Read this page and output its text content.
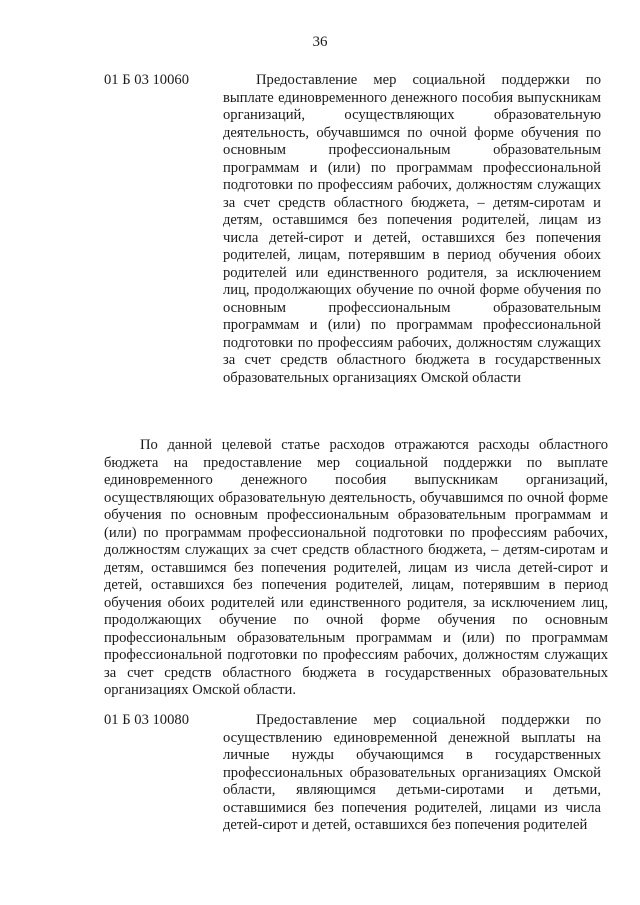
36
01 Б 03 10060	Предоставление мер социальной поддержки по выплате единовременного денежного пособия выпускникам организаций, осуществляющих образовательную деятельность, обучавшимся по очной форме обучения по основным профессиональным образовательным программам и (или) по программам профессиональной подготовки по профессиям рабочих, должностям служащих за счет средств областного бюджета, – детям-сиротам и детям, оставшимся без попечения родителей, лицам из числа детей-сирот и детей, оставшихся без попечения родителей, лицам, потерявшим в период обучения обоих родителей или единственного родителя, за исключением лиц, продолжающих обучение по очной форме обучения по основным профессиональным образовательным программам и (или) по программам профессиональной подготовки по профессиям рабочих, должностям служащих за счет средств областного бюджета в государственных образовательных организациях Омской области
По данной целевой статье расходов отражаются расходы областного бюджета на предоставление мер социальной поддержки по выплате единовременного денежного пособия выпускникам организаций, осуществляющих образовательную деятельность, обучавшимся по очной форме обучения по основным профессиональным образовательным программам и (или) по программам профессиональной подготовки по профессиям рабочих, должностям служащих за счет средств областного бюджета, – детям-сиротам и детям, оставшимся без попечения родителей, лицам из числа детей-сирот и детей, оставшихся без попечения родителей, лицам, потерявшим в период обучения обоих родителей или единственного родителя, за исключением лиц, продолжающих обучение по очной форме обучения по основным профессиональным образовательным программам и (или) по программам профессиональной подготовки по профессиям рабочих, должностям служащих за счет средств областного бюджета в государственных образовательных организациях Омской области.
01 Б 03 10080	Предоставление мер социальной поддержки по осуществлению единовременной денежной выплаты на личные нужды обучающимся в государственных профессиональных образовательных организациях Омской области, являющимся детьми-сиротами и детьми, оставшимися без попечения родителей, лицами из числа детей-сирот и детей, оставшихся без попечения родителей
